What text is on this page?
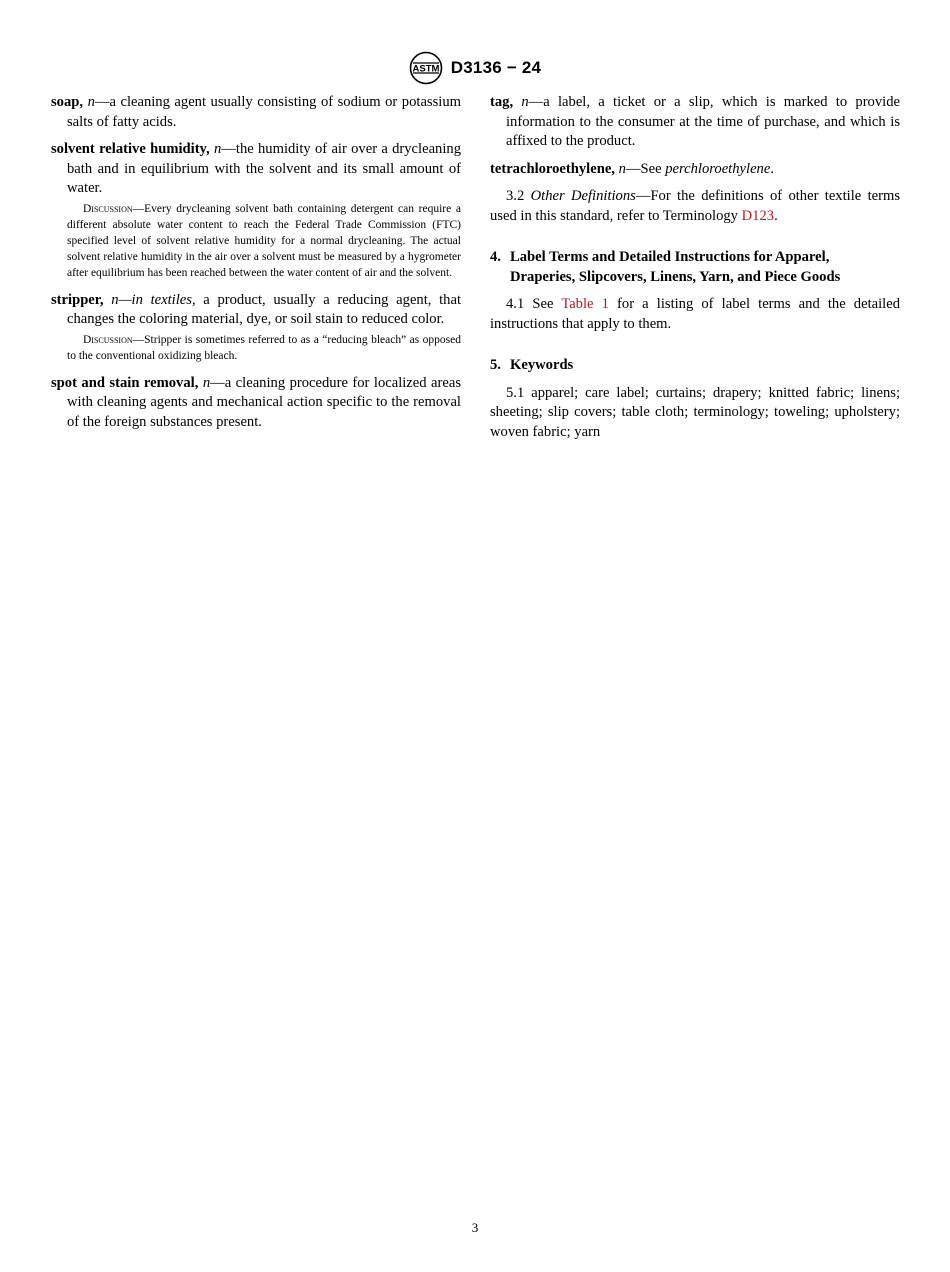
ASTM D3136 − 24

soap, n—a cleaning agent usually consisting of sodium or potassium salts of fatty acids.

solvent relative humidity, n—the humidity of air over a drycleaning bath and in equilibrium with the solvent and its small amount of water.

Discussion—Every drycleaning solvent bath containing detergent can require a different absolute water content to reach the Federal Trade Commission (FTC) specified level of solvent relative humidity for a normal drycleaning. The actual solvent relative humidity in the air over a solvent must be measured by a hygrometer after equilibrium has been reached between the water content of air and the solvent.

stripper, n—in textiles, a product, usually a reducing agent, that changes the coloring material, dye, or soil stain to reduced color.

Discussion—Stripper is sometimes referred to as a “reducing bleach” as opposed to the conventional oxidizing bleach.

spot and stain removal, n—a cleaning procedure for localized areas with cleaning agents and mechanical action specific to the removal of the foreign substances present.

tag, n—a label, a ticket or a slip, which is marked to provide information to the consumer at the time of purchase, and which is affixed to the product.

tetrachloroethylene, n—See perchloroethylene.

3.2 Other Definitions—For the definitions of other textile terms used in this standard, refer to Terminology D123.

4. Label Terms and Detailed Instructions for Apparel,
Draperies, Slipcovers, Linens, Yarn, and Piece Goods

4.1 See Table 1 for a listing of label terms and the detailed instructions that apply to them.

5. Keywords

5.1 apparel; care label; curtains; drapery; knitted fabric; linens; sheeting; slip covers; table cloth; terminology; toweling; upholstery; woven fabric; yarn

3
